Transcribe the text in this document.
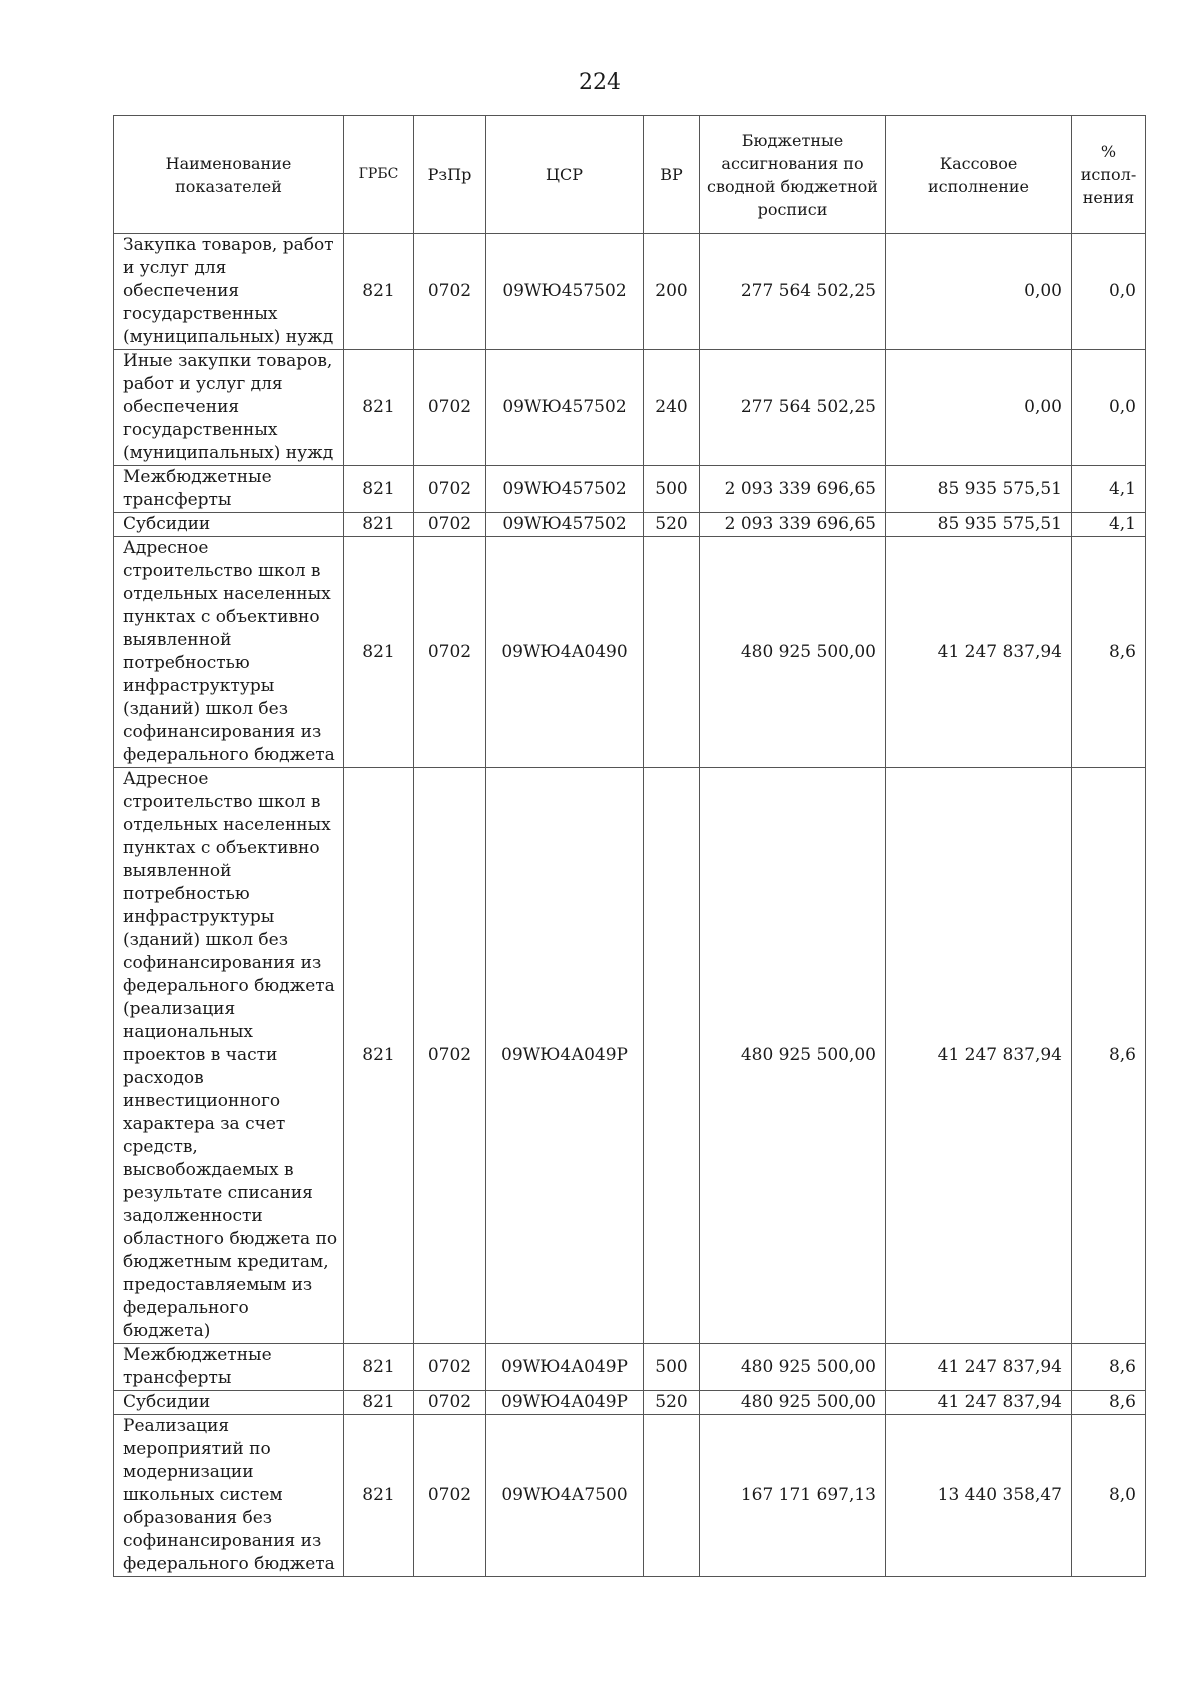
224
Наименование показателей	ГРБС	РзПр	ЦСР	ВР	Бюджетные ассигнования по сводной бюджетной росписи	Кассовое исполнение	% испол-нения
Закупка товаров, работ и услуг для обеспечения государственных (муниципальных) нужд	821	0702	09WЮ457502	200	277 564 502,25	0,00	0,0
Иные закупки товаров, работ и услуг для обеспечения государственных (муниципальных) нужд	821	0702	09WЮ457502	240	277 564 502,25	0,00	0,0
Межбюджетные трансферты	821	0702	09WЮ457502	500	2 093 339 696,65	85 935 575,51	4,1
Субсидии	821	0702	09WЮ457502	520	2 093 339 696,65	85 935 575,51	4,1
Адресное строительство школ в отдельных населенных пунктах с объективно выявленной потребностью инфраструктуры (зданий) школ без софинансирования из федерального бюджета	821	0702	09WЮ4А0490		480 925 500,00	41 247 837,94	8,6
Адресное строительство школ в отдельных населенных пунктах с объективно выявленной потребностью инфраструктуры (зданий) школ без софинансирования из федерального бюджета (реализация национальных проектов в части расходов инвестиционного характера за счет средств, высвобождаемых в результате списания задолженности областного бюджета по бюджетным кредитам, предоставляемым из федерального бюджета)	821	0702	09WЮ4А049Р		480 925 500,00	41 247 837,94	8,6
Межбюджетные трансферты	821	0702	09WЮ4А049Р	500	480 925 500,00	41 247 837,94	8,6
Субсидии	821	0702	09WЮ4А049Р	520	480 925 500,00	41 247 837,94	8,6
Реализация мероприятий по модернизации школьных систем образования без софинансирования из федерального бюджета	821	0702	09WЮ4А7500		167 171 697,13	13 440 358,47	8,0
